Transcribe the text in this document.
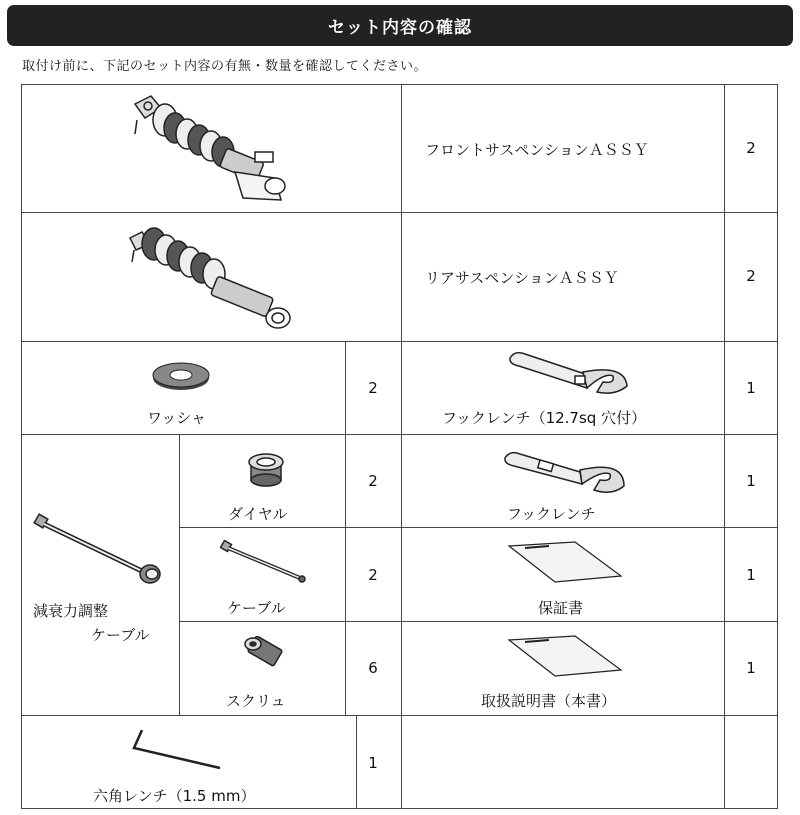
セット内容の確認
取付け前に、下記のセット内容の有無・数量を確認してください。
フロントサスペンションＡＳＳＹ	2
リアサスペンションＡＳＳＹ	2
ワッシャ
2
フックレンチ（12.7sq 穴付）
1
減衰力調整
ケーブル
ダイヤル
2
フックレンチ
1
ケーブル
2
保証書
1
スクリュ
6
取扱説明書（本書）
1
六角レンチ（1.5 mm）
1
